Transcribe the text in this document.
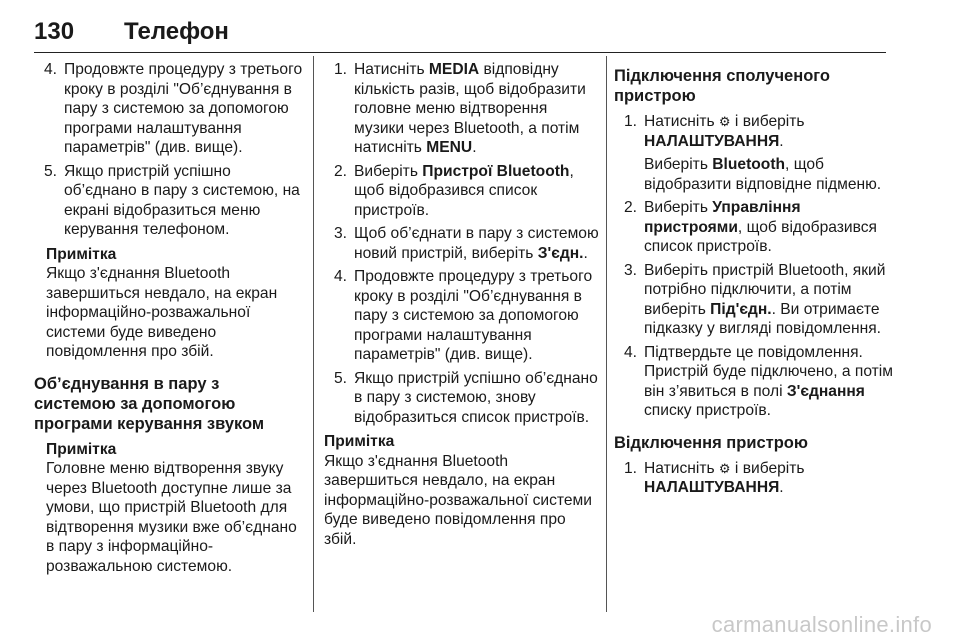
130 Телефон
4. Продовжте процедуру з третього кроку в розділі "Об’єднування в пару з системою за допомогою програми налаштування параметрів" (див. вище).
5. Якщо пристрій успішно об’єднано в пару з системою, на екрані відобразиться меню керування телефоном.
Примітка
Якщо з'єднання Bluetooth завершиться невдало, на екран інформаційно-розважальної системи буде виведено повідомлення про збій.
Об’єднування в пару з системою за допомогою програми керування звуком
Примітка
Головне меню відтворення звуку через Bluetooth доступне лише за умови, що пристрій Bluetooth для відтворення музики вже об’єднано в пару з інформаційно-розважальною системою.
1. Натисніть MEDIA відповідну кількість разів, щоб відобразити головне меню відтворення музики через Bluetooth, а потім натисніть MENU.
2. Виберіть Пристрої Bluetooth, щоб відобразився список пристроїв.
3. Щоб об’єднати в пару з системою новий пристрій, виберіть З'єдн..
4. Продовжте процедуру з третього кроку в розділі "Об’єднування в пару з системою за допомогою програми налаштування параметрів" (див. вище).
5. Якщо пристрій успішно об’єднано в пару з системою, знову відобразиться список пристроїв.
Примітка
Якщо з'єднання Bluetooth завершиться невдало, на екран інформаційно-розважальної системи буде виведено повідомлення про збій.
Підключення сполученого пристрою
1. Натисніть ⚙ і виберіть НАЛАШТУВАННЯ.
Виберіть Bluetooth, щоб відобразити відповідне підменю.
2. Виберіть Управління пристроями, щоб відобразився список пристроїв.
3. Виберіть пристрій Bluetooth, який потрібно підключити, а потім виберіть Під'єдн.. Ви отримаєте підказку у вигляді повідомлення.
4. Підтвердьте це повідомлення. Пристрій буде підключено, а потім він з’явиться в полі З'єднання списку пристроїв.
Відключення пристрою
1. Натисніть ⚙ і виберіть НАЛАШТУВАННЯ.
carmanualsonline.info
